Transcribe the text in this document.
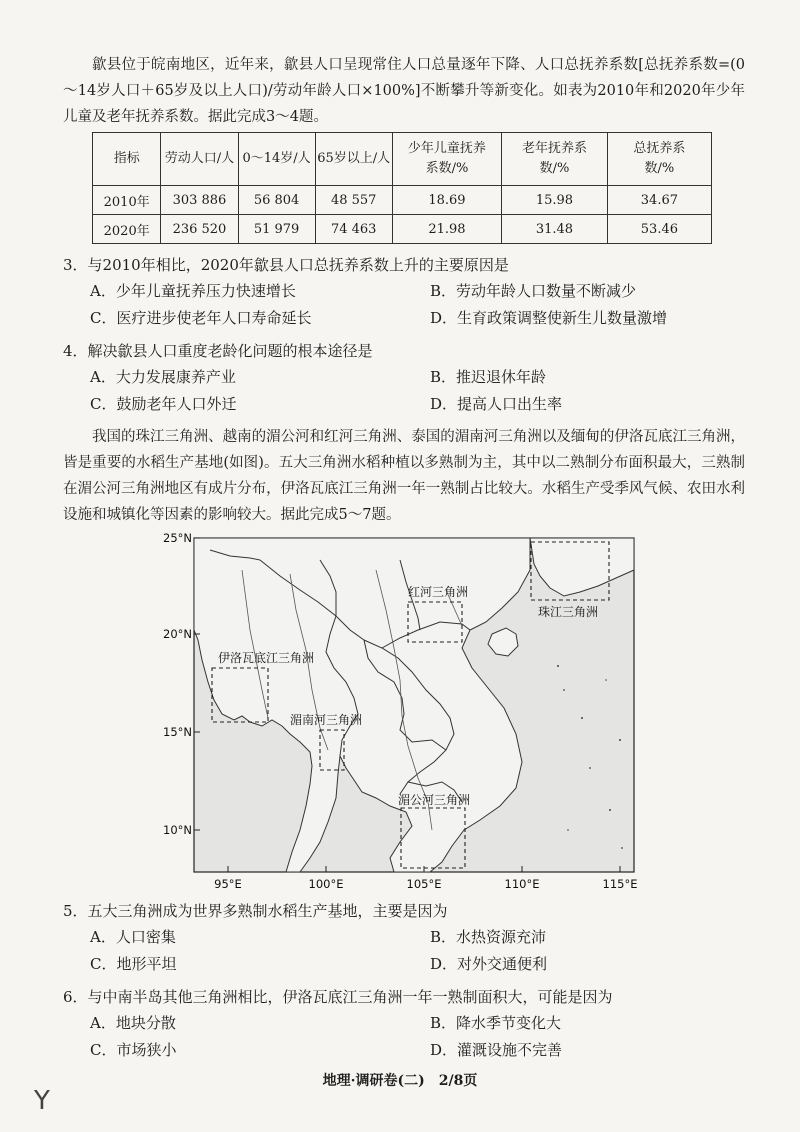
歙县位于皖南地区，近年来，歙县人口呈现常住人口总量逐年下降、人口总抚养系数[总抚养系数=(0～14岁人口＋65岁及以上人口)/劳动年龄人口×100%]不断攀升等新变化。如表为2010年和2020年少年儿童及老年抚养系数。据此完成3～4题。

指标	劳动人口/人	0～14岁/人	65岁以上/人	少年儿童抚养系数/%	老年抚养系数/%	总抚养系数/%
2010年	303 886	56 804	48 557	18.69	15.98	34.67
2020年	236 520	51 979	74 463	21.98	31.48	53.46
3．与2010年相比，2020年歙县人口总抚养系数上升的主要原因是
A．少年儿童抚养压力快速增长	B．劳动年龄人口数量不断减少
C．医疗进步使老年人口寿命延长	D．生育政策调整使新生儿数量激增
4．解决歙县人口重度老龄化问题的根本途径是
A．大力发展康养产业	B．推迟退休年龄
C．鼓励老年人口外迁	D．提高人口出生率

我国的珠江三角洲、越南的湄公河和红河三角洲、泰国的湄南河三角洲以及缅甸的伊洛瓦底江三角洲，皆是重要的水稻生产基地(如图)。五大三角洲水稻种植以多熟制为主，其中以二熟制分布面积最大，三熟制在湄公河三角洲地区有成片分布，伊洛瓦底江三角洲一年一熟制占比较大。水稻生产受季风气候、农田水利设施和城镇化等因素的影响较大。据此完成5～7题。

红河三角洲
珠江三角洲
伊洛瓦底江三角洲
湄南河三角洲
湄公河三角洲
25°N
20°N
15°N
10°N
95°E	100°E	105°E	110°E	115°E
5．五大三角洲成为世界多熟制水稻生产基地，主要是因为
A．人口密集	B．水热资源充沛
C．地形平坦	D．对外交通便利
6．与中南半岛其他三角洲相比，伊洛瓦底江三角洲一年一熟制面积大，可能是因为
A．地块分散	B．降水季节变化大
C．市场狭小	D．灌溉设施不完善
地理·调研卷(二)　2/8页
Y
